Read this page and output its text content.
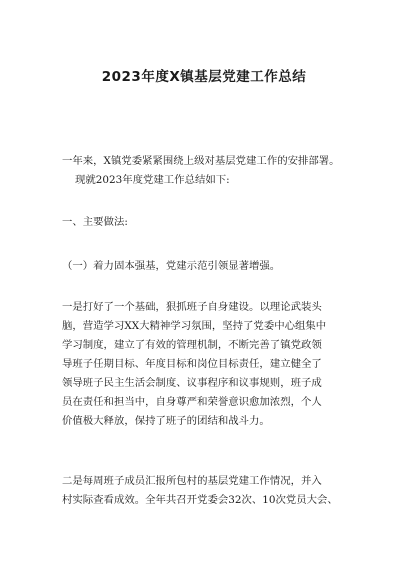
2023年度X镇基层党建工作总结
一年来，X镇党委紧紧围绕上级对基层党建工作的安排部署。
现就2023年度党建工作总结如下:
一、主要做法:
（一）着力固本强基，党建示范引领显著增强。
一是打好了一个基础，狠抓班子自身建设。以理论武装头
脑，营造学习XX大精神学习氛围，坚持了党委中心组集中
学习制度，建立了有效的管理机制，不断完善了镇党政领
导班子任期目标、年度目标和岗位目标责任，建立健全了
领导班子民主生活会制度、议事程序和议事规则，班子成
员在责任和担当中，自身尊严和荣誉意识愈加浓烈，个人
价值极大释放，保持了班子的团结和战斗力。
二是每周班子成员汇报所包村的基层党建工作情况，并入
村实际查看成效。全年共召开党委会32次、10次党员大会、
